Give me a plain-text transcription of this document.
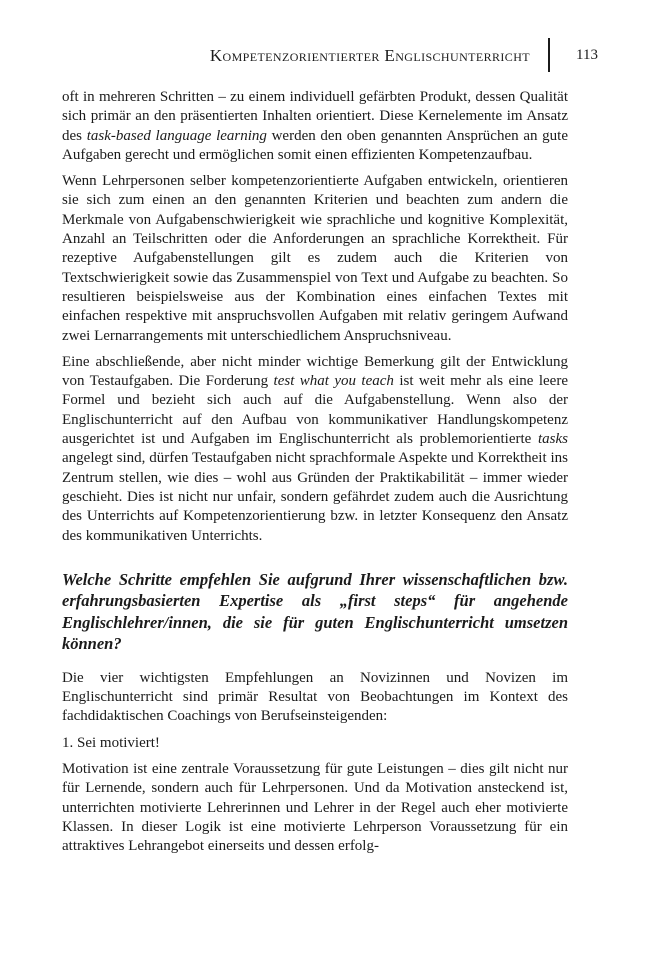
Kompetenzorientierter Englischunterricht	113

oft in mehreren Schritten – zu einem individuell gefärbten Produkt, dessen Qualität sich primär an den präsentierten Inhalten orientiert. Diese Kernelemente im Ansatz des task-based language learning werden den oben genannten Ansprüchen an gute Aufgaben gerecht und ermöglichen somit einen effizienten Kompetenzaufbau.

Wenn Lehrpersonen selber kompetenzorientierte Aufgaben entwickeln, orientieren sie sich zum einen an den genannten Kriterien und beachten zum andern die Merkmale von Aufgabenschwierigkeit wie sprachliche und kognitive Komplexität, Anzahl an Teilschritten oder die Anforderungen an sprachliche Korrektheit. Für rezeptive Aufgabenstellungen gilt es zudem auch die Kriterien von Textschwierigkeit sowie das Zusammenspiel von Text und Aufgabe zu beachten. So resultieren beispielsweise aus der Kombination eines einfachen Textes mit einfachen respektive mit anspruchsvollen Aufgaben mit relativ geringem Aufwand zwei Lernarrangements mit unterschiedlichem Anspruchsniveau.

Eine abschließende, aber nicht minder wichtige Bemerkung gilt der Entwicklung von Testaufgaben. Die Forderung test what you teach ist weit mehr als eine leere Formel und bezieht sich auch auf die Aufgabenstellung. Wenn also der Englischunterricht auf den Aufbau von kommunikativer Handlungskompetenz ausgerichtet ist und Aufgaben im Englischunterricht als problemorientierte tasks angelegt sind, dürfen Testaufgaben nicht sprachformale Aspekte und Korrektheit ins Zentrum stellen, wie dies – wohl aus Gründen der Praktikabilität – immer wieder geschieht. Dies ist nicht nur unfair, sondern gefährdet zudem auch die Ausrichtung des Unterrichts auf Kompetenzorientierung bzw. in letzter Konsequenz den Ansatz des kommunikativen Unterrichts.

Welche Schritte empfehlen Sie aufgrund Ihrer wissenschaftlichen bzw. erfahrungsbasierten Expertise als „first steps“ für angehende Englischlehrer/innen, die sie für guten Englischunterricht umsetzen können?

Die vier wichtigsten Empfehlungen an Novizinnen und Novizen im Englischunterricht sind primär Resultat von Beobachtungen im Kontext des fachdidaktischen Coachings von Berufseinsteigenden:

1. Sei motiviert!

Motivation ist eine zentrale Voraussetzung für gute Leistungen – dies gilt nicht nur für Lernende, sondern auch für Lehrpersonen. Und da Motivation ansteckend ist, unterrichten motivierte Lehrerinnen und Lehrer in der Regel auch eher motivierte Klassen. In dieser Logik ist eine motivierte Lehrperson Voraussetzung für ein attraktives Lehrangebot einerseits und dessen erfolg-
